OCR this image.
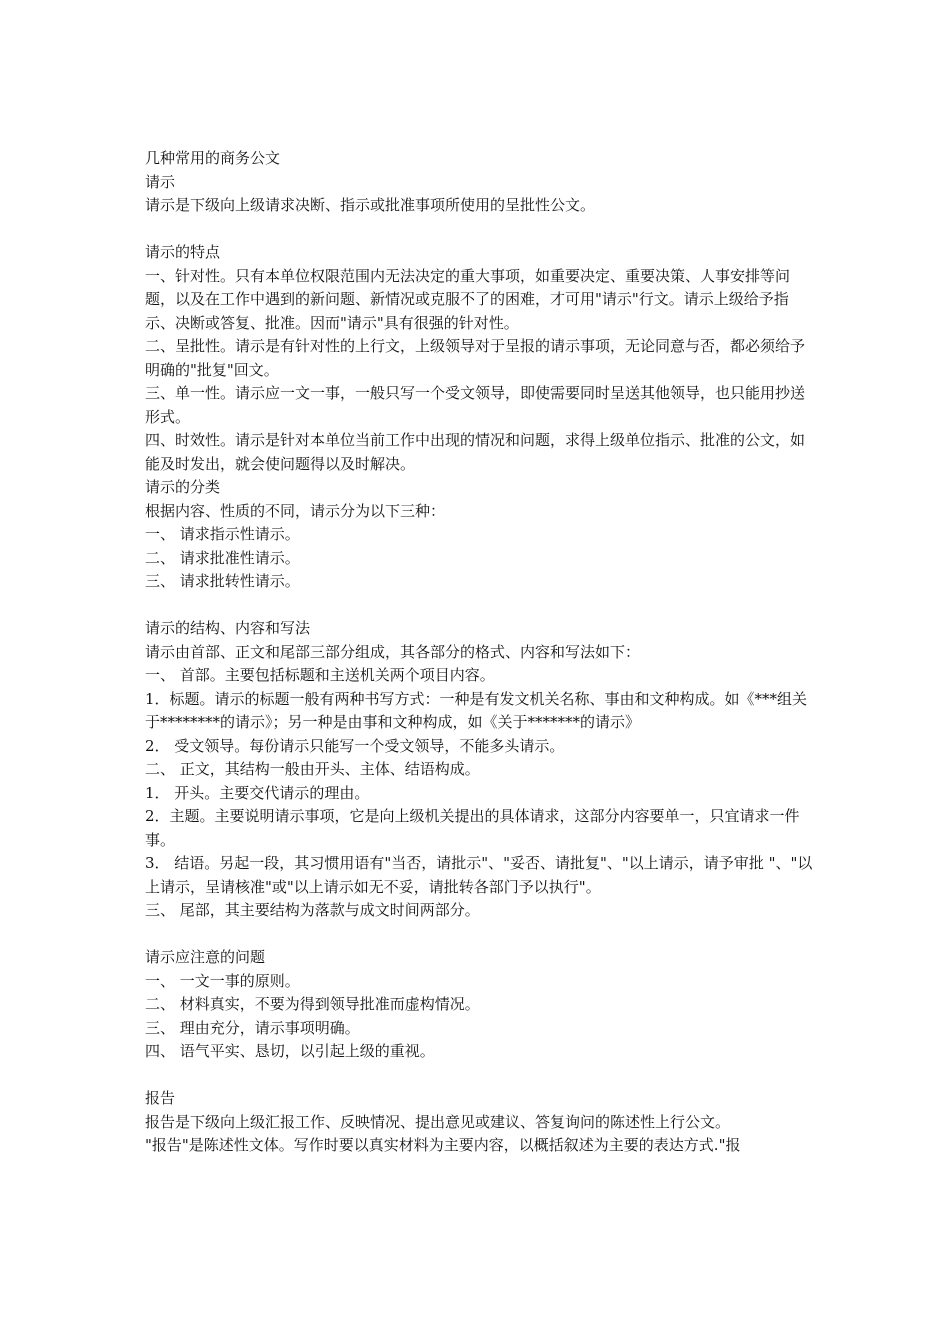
几种常用的商务公文

请示

请示是下级向上级请求决断、指示或批准事项所使用的呈批性公文。

请示的特点

一、针对性。只有本单位权限范围内无法决定的重大事项，如重要决定、重要决策、人事安排等问题，以及在工作中遇到的新问题、新情况或克服不了的困难，才可用"请示"行文。请示上级给予指示、决断或答复、批准。因而"请示"具有很强的针对性。

二、呈批性。请示是有针对性的上行文，上级领导对于呈报的请示事项，无论同意与否，都必须给予明确的"批复"回文。

三、单一性。请示应一文一事，一般只写一个受文领导，即使需要同时呈送其他领导，也只能用抄送形式。

四、时效性。请示是针对本单位当前工作中出现的情况和问题，求得上级单位指示、批准的公文，如能及时发出，就会使问题得以及时解决。

请示的分类

根据内容、性质的不同，请示分为以下三种：

一、 请求指示性请示。

二、 请求批准性请示。

三、 请求批转性请示。

请示的结构、内容和写法

请示由首部、正文和尾部三部分组成，其各部分的格式、内容和写法如下：

一、 首部。主要包括标题和主送机关两个项目内容。

1．标题。请示的标题一般有两种书写方式：一种是有发文机关名称、事由和文种构成。如《***组关于********的请示》；另一种是由事和文种构成，如《关于*******的请示》

2． 受文领导。每份请示只能写一个受文领导，不能多头请示。

二、 正文，其结构一般由开头、主体、结语构成。

1． 开头。主要交代请示的理由。

2．主题。主要说明请示事项，它是向上级机关提出的具体请求，这部分内容要单一，只宜请求一件事。

3． 结语。另起一段，其习惯用语有"当否，请批示"、"妥否、请批复"、"以上请示，请予审批 "、"以上请示，呈请核准"或"以上请示如无不妥，请批转各部门予以执行"。

三、 尾部，其主要结构为落款与成文时间两部分。

请示应注意的问题

一、 一文一事的原则。

二、 材料真实，不要为得到领导批准而虚构情况。

三、 理由充分，请示事项明确。

四、 语气平实、恳切，以引起上级的重视。

报告

报告是下级向上级汇报工作、反映情况、提出意见或建议、答复询问的陈述性上行公文。

"报告"是陈述性文体。写作时要以真实材料为主要内容，以概括叙述为主要的表达方式."报
